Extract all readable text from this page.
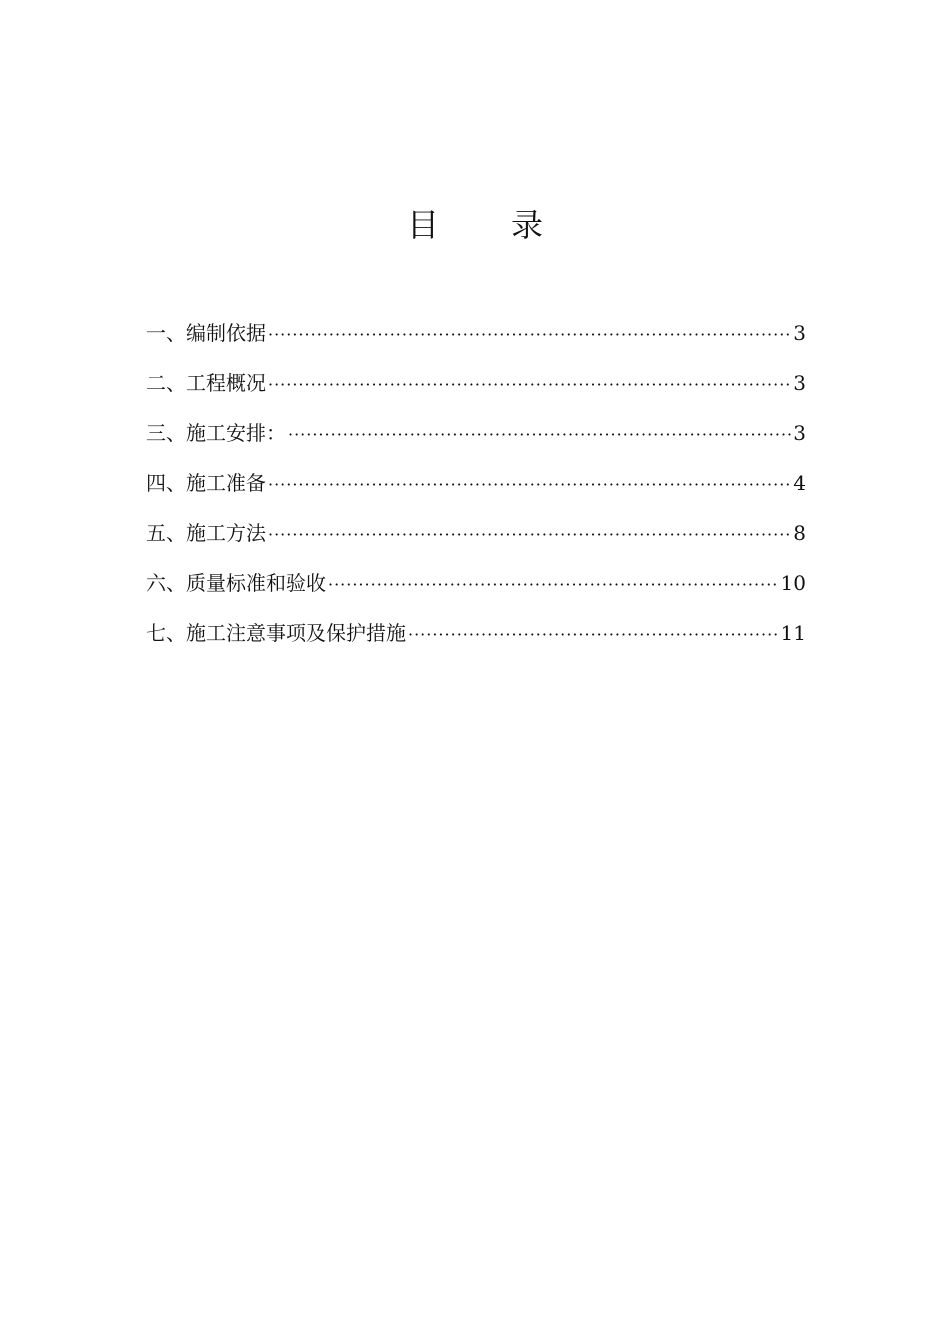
目 录
一、编制依据 ·····	3
二、工程概况 ·····	3
三、施工安排： ·····	3
四、施工准备 ·····	4
五、施工方法 ·····	8
六、质量标准和验收 ·····	10
七、施工注意事项及保护措施 ·····	11
